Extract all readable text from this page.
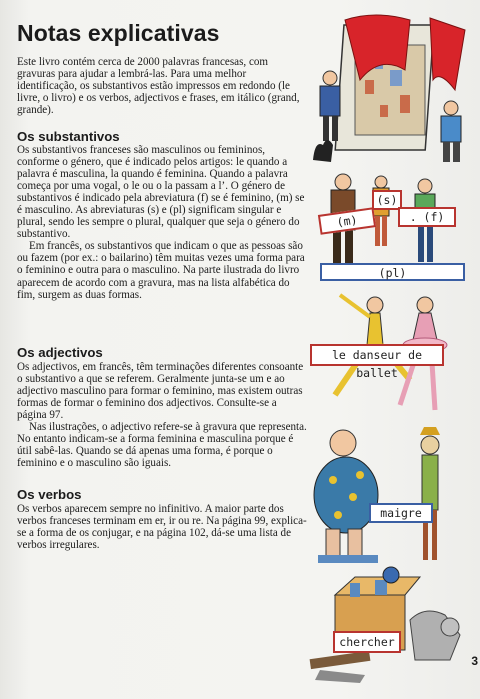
Notas explicativas

Este livro contém cerca de 2000 palavras francesas, com gravuras para ajudar a lembrá-las. Para uma melhor identificação, os substantivos estão impressos em redondo (le livre, o livro) e os verbos, adjectivos e frases, em itálico (grand, grande).

Os substantivos

Os substantivos franceses são masculinos ou femininos, conforme o género, que é indicado pelos artigos: le quando a palavra é masculina, la quando é feminina. Quando a palavra começa por uma vogal, o le ou o la passam a l’. O género de substantivos é indicado pela abreviatura (f) se é feminino, (m) se é masculino. As abreviaturas (s) e (pl) significam singular e plural, sendo les sempre o plural, qualquer que seja o género do substantivo.

Em francês, os substantivos que indicam o que as pessoas são ou fazem (por ex.: o bailarino) têm muitas vezes uma forma para o feminino e outra para o masculino. Na parte ilustrada do livro aparecem de acordo com a gravura, mas na lista alfabética do fim, surgem as duas formas.

Os adjectivos

Os adjectivos, em francês, têm terminações diferentes consoante o substantivo a que se referem. Geralmente junta-se um e ao adjectivo masculino para formar o feminino, mas existem outras formas de formar o feminino dos adjectivos. Consulte-se a página 97.

Nas ilustrações, o adjectivo refere-se à gravura que representa. No entanto indicam-se a forma feminina e masculina porque é útil sabê-las. Quando se dá apenas uma forma, é porque o feminino e o masculino são iguais.

Os verbos

Os verbos aparecem sempre no infinitivo. A maior parte dos verbos franceses terminam em er, ir ou re. Na página 99, explica-se a forma de os conjugar, e na página 102, dá-se uma lista de verbos irregulares.

(m)
(s)
. (f)
(pl)
le danseur de ballet
maigre
chercher
3
